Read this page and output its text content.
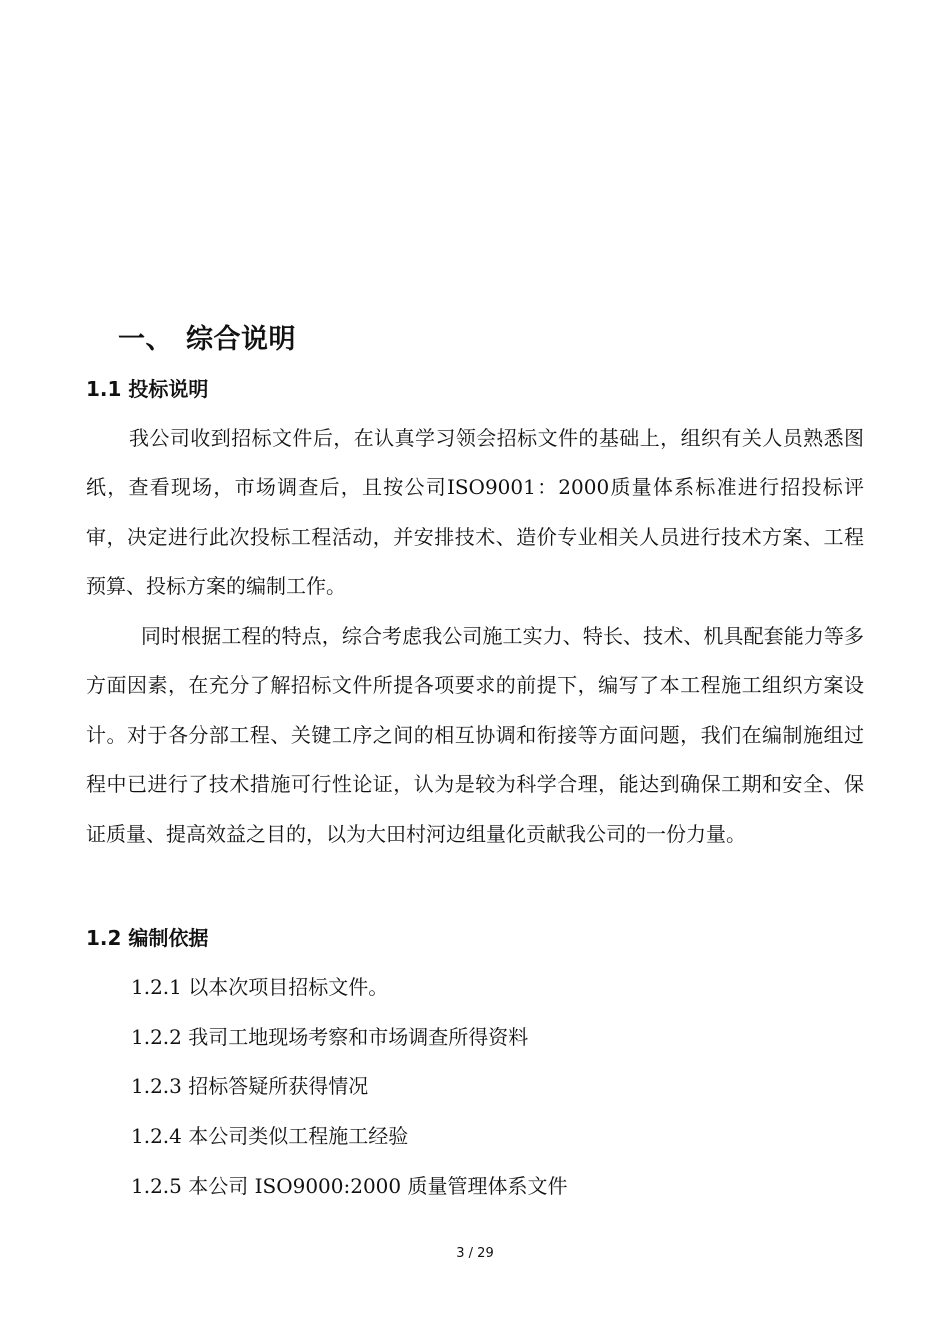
一、 综合说明
1.1 投标说明

我公司收到招标文件后，在认真学习领会招标文件的基础上，组织有关人员熟悉图纸，查看现场，市场调查后，且按公司ISO9001：2000质量体系标准进行招投标评审，决定进行此次投标工程活动，并安排技术、造价专业相关人员进行技术方案、工程预算、投标方案的编制工作。

同时根据工程的特点，综合考虑我公司施工实力、特长、技术、机具配套能力等多方面因素，在充分了解招标文件所提各项要求的前提下，编写了本工程施工组织方案设计。对于各分部工程、关键工序之间的相互协调和衔接等方面问题，我们在编制施组过程中已进行了技术措施可行性论证，认为是较为科学合理，能达到确保工期和安全、保证质量、提高效益之目的，以为大田村河边组量化贡献我公司的一份力量。

1.2 编制依据
1.2.1 以本次项目招标文件。
1.2.2 我司工地现场考察和市场调查所得资料
1.2.3 招标答疑所获得情况
1.2.4 本公司类似工程施工经验
1.2.5 本公司 ISO9000:2000 质量管理体系文件
3 / 29
